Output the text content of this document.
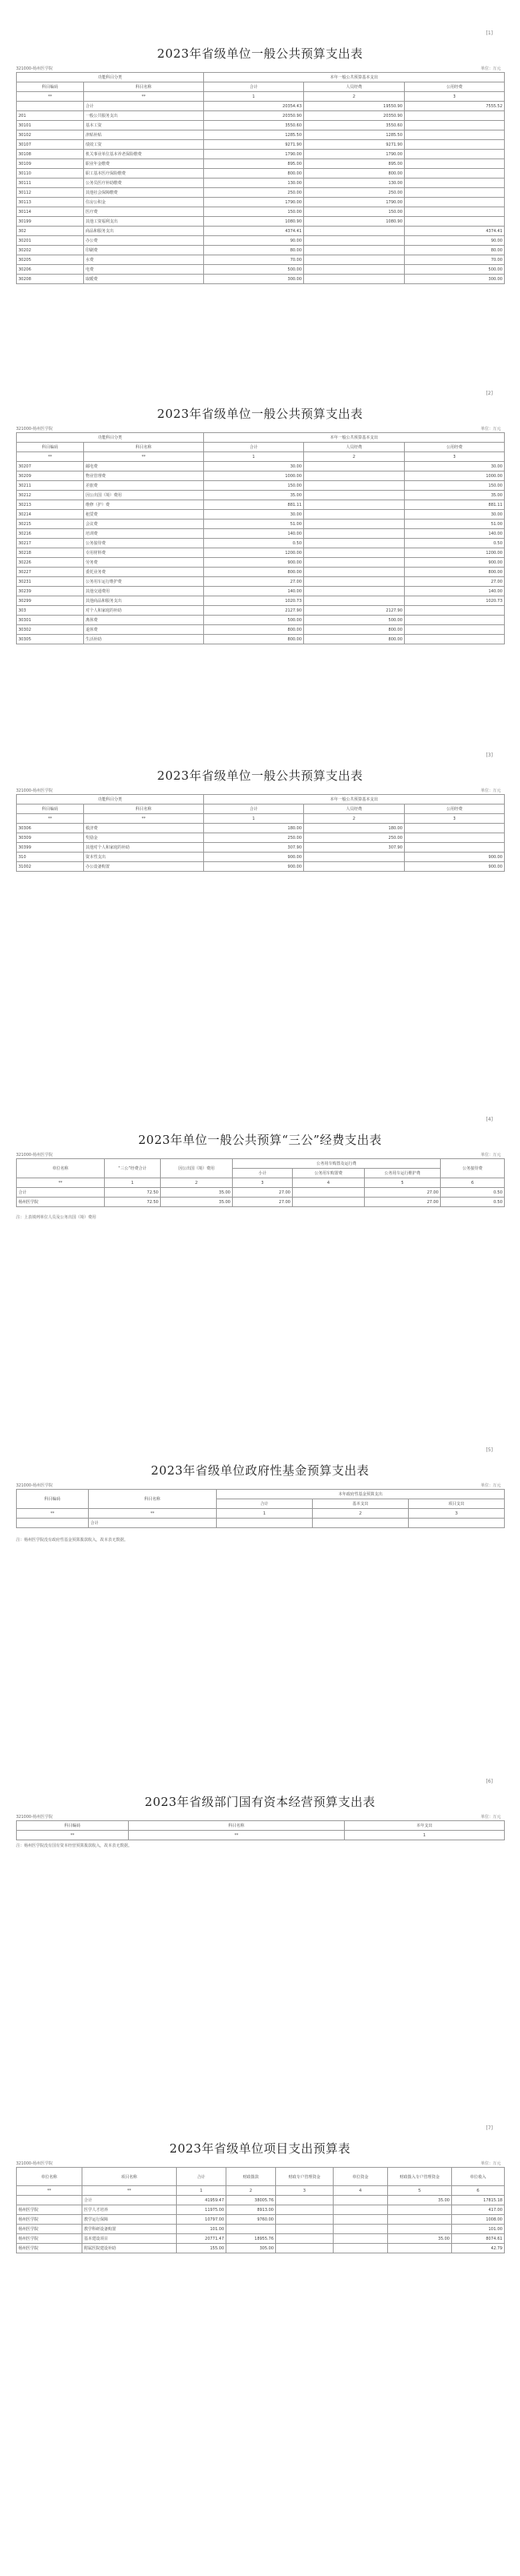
[1]
2023年省级单位一般公共预算支出表
321000-杨州医学院	单位：万元
功能科目分类		本年一般公共预算基本支出		
科目编码	科目名称	合计	人员经费	公用经费
**	**	1	2	3
	合计	20354.43	19550.90	7555.52
201	一般公共服务支出	20350.90	20350.90	
30101	基本工资	3550.60	3550.60	
30102	津贴补贴	1285.50	1285.50	
30107	绩效工资	9271.90	9271.90	
30108	机关事业单位基本养老保险缴费	1790.00	1790.00	
30109	职业年金缴费	895.00	895.00	
30110	职工基本医疗保险缴费	800.00	800.00	
30111	公务员医疗补助缴费	130.00	130.00	
30112	其他社会保障缴费	250.00	250.00	
30113	住房公积金	1790.00	1790.00	
30114	医疗费	150.00	150.00	
30199	其他工资福利支出	1080.90	1080.90	
302	商品和服务支出	4374.41		4374.41
30201	办公费	90.00		90.00
30202	印刷费	80.00		80.00
30205	水费	70.00		70.00
30206	电费	500.00		500.00
30208	取暖费	300.00		300.00
[2]
2023年省级单位一般公共预算支出表
321000-杨州医学院	单位：万元
功能科目分类		本年一般公共预算基本支出		
科目编码	科目名称	合计	人员经费	公用经费
**	**	1	2	3
30207	邮电费	30.00		30.00
30209	物业管理费	1000.00		1000.00
30211	差旅费	150.00		150.00
30212	因公出国（境）费用	35.00		35.00
30213	维修（护）费	881.11		881.11
30214	租赁费	30.00		30.00
30215	会议费	51.00		51.00
30216	培训费	140.00		140.00
30217	公务接待费	0.50		0.50
30218	专用材料费	1200.00		1200.00
30226	劳务费	900.00		900.00
30227	委托业务费	800.00		800.00
30231	公务用车运行维护费	27.00		27.00
30239	其他交通费用	140.00		140.00
30299	其他商品和服务支出	1020.73		1020.73
303	对个人和家庭的补助	2127.90	2127.90	
30301	离休费	500.00	500.00	
30302	退休费	800.00	800.00	
30305	生活补助	800.00	800.00	
[3]
2023年省级单位一般公共预算支出表
321000-杨州医学院	单位：万元
功能科目分类		本年一般公共预算基本支出		
科目编码	科目名称	合计	人员经费	公用经费
**	**	1	2	3
30306	救济费	180.00	180.00	
30309	奖励金	250.00	250.00	
30399	其他对个人和家庭的补助	307.90	307.90	
310	资本性支出	900.00		900.00
31002	办公设备购置	900.00		900.00
[4]
2023年单位一般公共预算“三公”经费支出表
321000-杨州医学院	单位：万元
单位名称	“三公”经费合计	因公出国（境）费用	公务用车购置及运行费			公务接待费
			小计	公务用车购置费	公务用车运行维护费	
**	1	2	3	4	5	6
合计	72.50	35.00	27.00		27.00	0.50
杨州医学院	72.50	35.00	27.00		27.00	0.50
注：上表填列单位人员及公务出国（境）费用
[5]
2023年省级单位政府性基金预算支出表
321000-杨州医学院	单位：万元
科目编码	科目名称	本年政府性基金预算支出		
		合计	基本支出	项目支出
**	**	1	2	3
	合计			
注：杨州医学院没有政府性基金预算拨款收入，故本表无数据。
[6]
2023年省级部门国有资本经营预算支出表
321000-杨州医学院	单位：万元
科目编码	科目名称	本年支出
**	**	1
注：杨州医学院没有国有资本经营预算拨款收入，故本表无数据。
[7]
2023年省级单位项目支出预算表
321000-杨州医学院	单位：万元
单位名称	项目名称	合计	财政拨款	财政专户管理资金	单位资金	财政拨入专户管理资金	单位收入
**	**	1	2	3	4	5	6
	合计	41959.47	38005.76			35.00	17815.18
杨州医学院	医学人才培养	11975.00	8913.00				417.00
杨州医学院	教学运行保障	10797.00	9760.00				1008.00
杨州医学院	教学科研设备购置	101.00					101.00
杨州医学院	基本建设项目	20771.47	18955.76			35.00	8074.61
杨州医学院	附属医院建设补助	155.00	305.00				42.79
